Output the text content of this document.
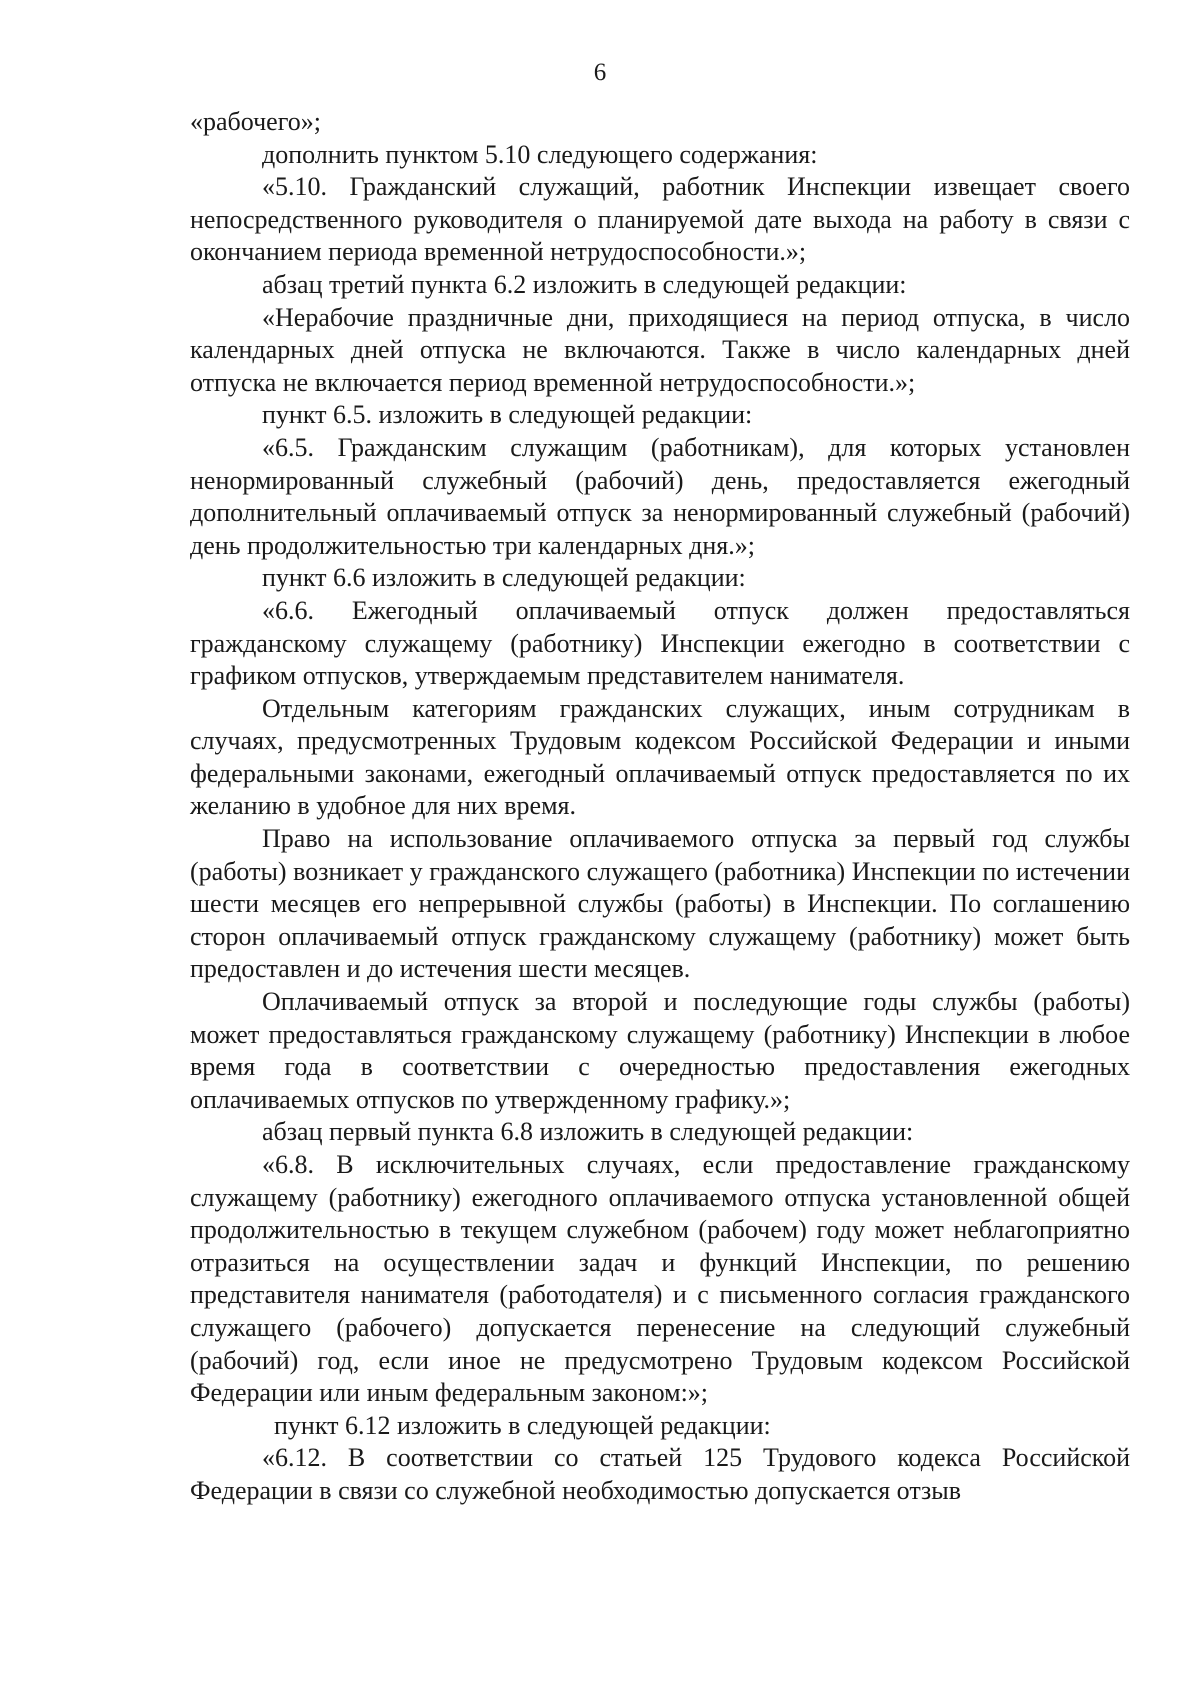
6

«рабочего»;

дополнить пунктом 5.10 следующего содержания:

«5.10. Гражданский служащий, работник Инспекции извещает своего непосредственного руководителя о планируемой дате выхода на работу в связи с окончанием периода временной нетрудоспособности.»;

абзац третий пункта 6.2 изложить в следующей редакции:

«Нерабочие праздничные дни, приходящиеся на период отпуска, в число календарных дней отпуска не включаются. Также в число календарных дней отпуска не включается период временной нетрудоспособности.»;

пункт 6.5. изложить в следующей редакции:

«6.5. Гражданским служащим (работникам), для которых установлен ненормированный служебный (рабочий) день, предоставляется ежегодный дополнительный оплачиваемый отпуск за ненормированный служебный (рабочий) день продолжительностью три календарных дня.»;

пункт 6.6 изложить в следующей редакции:

«6.6. Ежегодный оплачиваемый отпуск должен предоставляться гражданскому служащему (работнику) Инспекции ежегодно в соответствии с графиком отпусков, утверждаемым представителем нанимателя.

Отдельным категориям гражданских служащих, иным сотрудникам в случаях, предусмотренных Трудовым кодексом Российской Федерации и иными федеральными законами, ежегодный оплачиваемый отпуск предоставляется по их желанию в удобное для них время.

Право на использование оплачиваемого отпуска за первый год службы (работы) возникает у гражданского служащего (работника) Инспекции по истечении шести месяцев его непрерывной службы (работы) в Инспекции. По соглашению сторон оплачиваемый отпуск гражданскому служащему (работнику) может быть предоставлен и до истечения шести месяцев.

Оплачиваемый отпуск за второй и последующие годы службы (работы) может предоставляться гражданскому служащему (работнику) Инспекции в любое время года в соответствии с очередностью предоставления ежегодных оплачиваемых отпусков по утвержденному графику.»;

абзац первый пункта 6.8 изложить в следующей редакции:

«6.8. В исключительных случаях, если предоставление гражданскому служащему (работнику) ежегодного оплачиваемого отпуска установленной общей продолжительностью в текущем служебном (рабочем) году может неблагоприятно отразиться на осуществлении задач и функций Инспекции, по решению представителя нанимателя (работодателя) и с письменного согласия гражданского служащего (рабочего) допускается перенесение на следующий служебный (рабочий) год, если иное не предусмотрено Трудовым кодексом Российской Федерации или иным федеральным законом:»;

пункт 6.12 изложить в следующей редакции:

«6.12. В соответствии со статьей 125 Трудового кодекса Российской Федерации в связи со служебной необходимостью допускается отзыв
